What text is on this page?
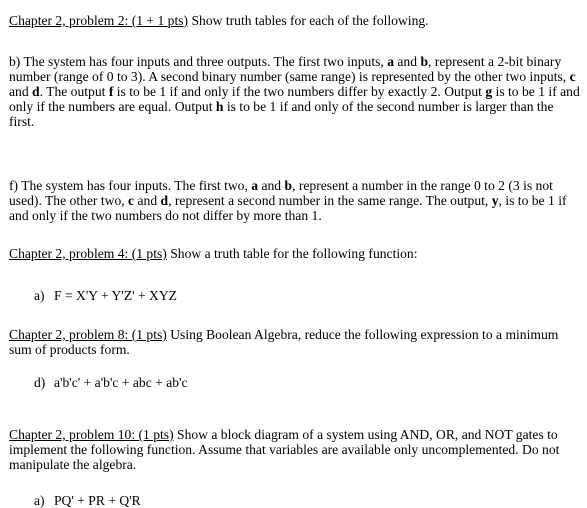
Chapter 2, problem 2: (1 + 1 pts) Show truth tables for each of the following.

b) The system has four inputs and three outputs. The first two inputs, a and b, represent a 2-bit binary number (range of 0 to 3). A second binary number (same range) is represented by the other two inputs, c and d. The output f is to be 1 if and only if the two numbers differ by exactly 2. Output g is to be 1 if and only if the numbers are equal. Output h is to be 1 if and only of the second number is larger than the first.

f) The system has four inputs. The first two, a and b, represent a number in the range 0 to 2 (3 is not used). The other two, c and d, represent a second number in the same range. The output, y, is to be 1 if and only if the two numbers do not differ by more than 1.

Chapter 2, problem 4: (1 pts) Show a truth table for the following function:

a) F = X'Y + Y'Z' + XYZ

Chapter 2, problem 8: (1 pts) Using Boolean Algebra, reduce the following expression to a minimum sum of products form.

d) a'b'c' + a'b'c + abc + ab'c

Chapter 2, problem 10: (1 pts) Show a block diagram of a system using AND, OR, and NOT gates to implement the following function. Assume that variables are available only uncomplemented. Do not manipulate the algebra.

a) PQ' + PR + Q'R
